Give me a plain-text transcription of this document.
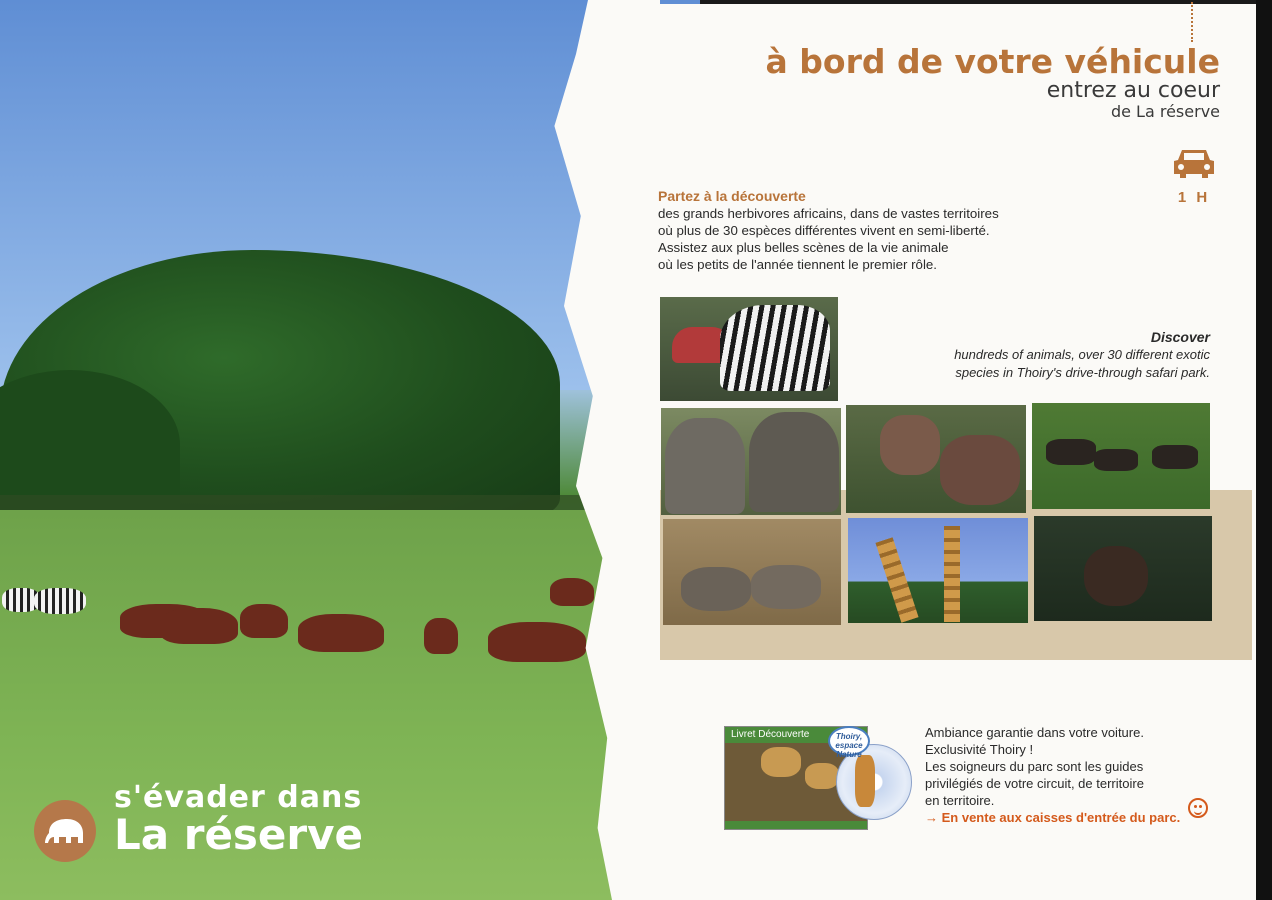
s'évader dans
La réserve
à bord de votre véhicule
entrez au coeur
de La réserve
1 H
Partez à la découverte
des grands herbivores africains, dans de vastes territoires
où plus de 30 espèces différentes vivent en semi-liberté.
Assistez aux plus belles scènes de la vie animale
où les petits de l'année tiennent le premier rôle.
Discover
hundreds of animals, over 30 different exotic
species in Thoiry's drive-through safari park.
Livret Découverte	Thoiry, espace Nature
Ambiance garantie dans votre voiture.
Exclusivité Thoiry !
Les soigneurs du parc sont les guides
privilégiés de votre circuit, de territoire
en territoire.
→ En vente aux caisses d'entrée du parc.
